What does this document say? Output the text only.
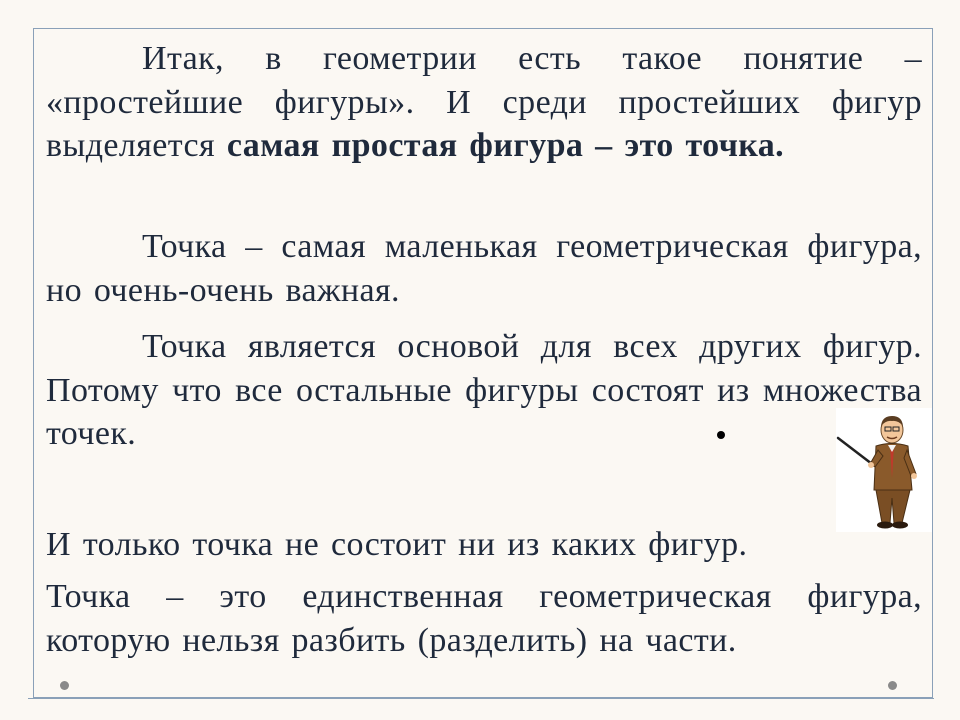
Итак, в геометрии есть такое понятие – «простейшие фигуры». И среди простейших фигур выделяется самая простая фигура – это точка.
Точка – самая маленькая геометрическая фигура, но очень-очень важная.
Точка является основой для всех других фигур. Потому что все остальные фигуры состоят из множества точек.
И только точка не состоит ни из каких фигур.
Точка – это единственная геометрическая фигура, которую нельзя разбить (разделить) на части.
